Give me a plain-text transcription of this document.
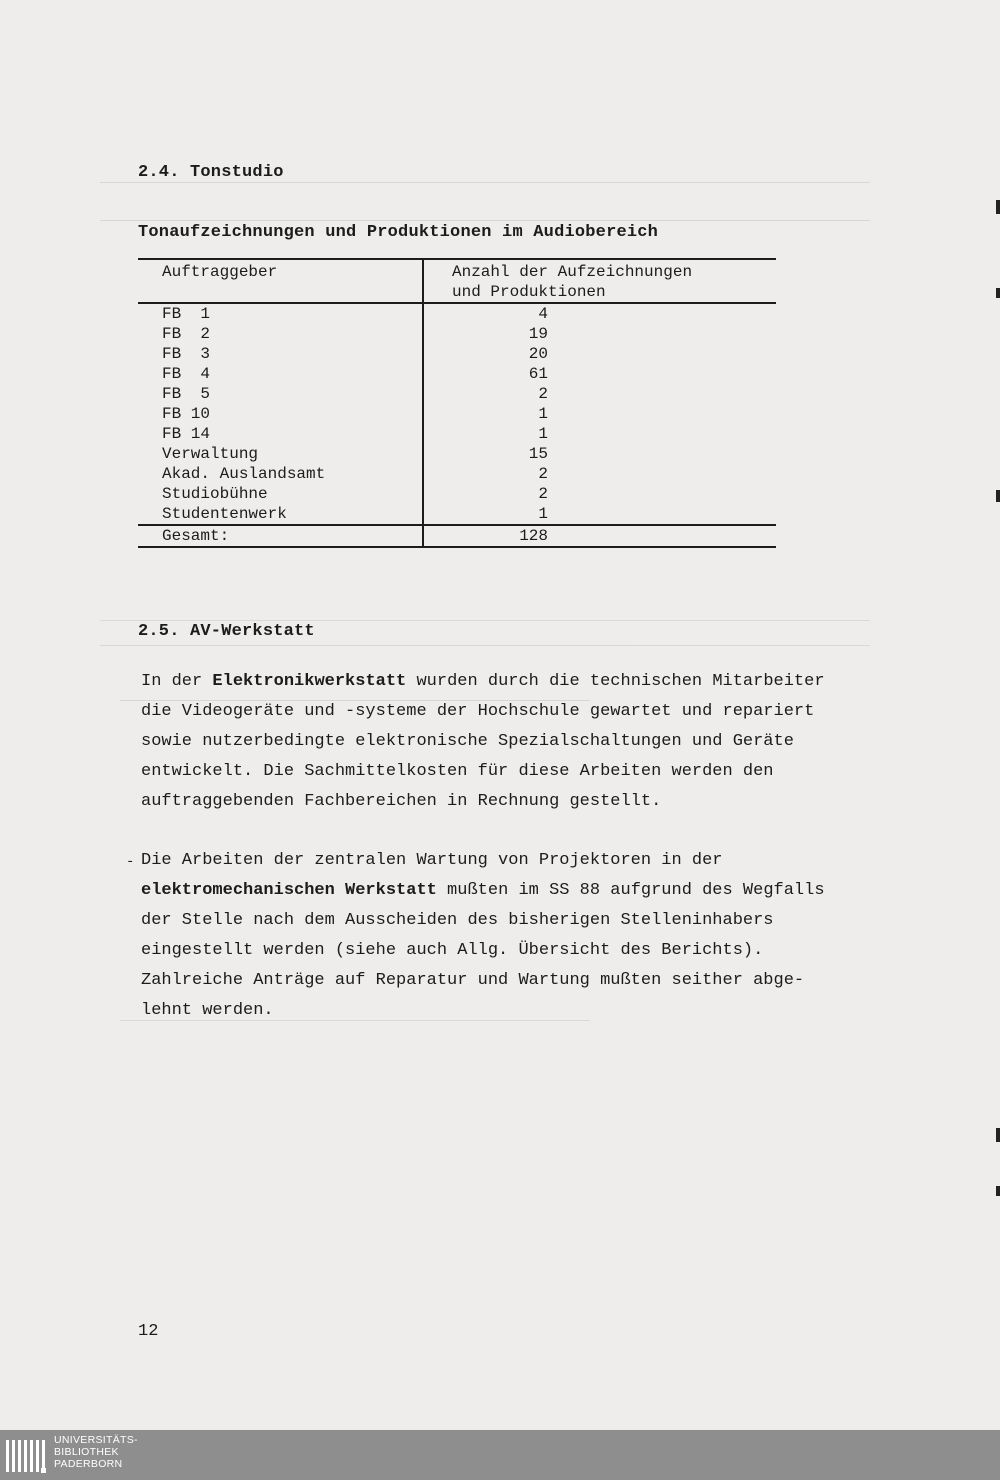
2.4. Tonstudio
Tonaufzeichnungen und Produktionen im Audiobereich
Auftraggeber	Anzahl der Aufzeichnungen
und Produktionen	

FB  1	4	
FB  2	19	
FB  3	20	
FB  4	61	
FB  5	2	
FB 10	1	
FB 14	1	
Verwaltung	15	
Akad. Auslandsamt	2	
Studiobühne	2	
Studentenwerk	1	
Gesamt:	128	
2.5. AV-Werkstatt
In der Elektronikwerkstatt wurden durch die technischen Mitarbeiter
die Videogeräte und -systeme der Hochschule gewartet und repariert
sowie nutzerbedingte elektronische Spezialschaltungen und Geräte
entwickelt. Die Sachmittelkosten für diese Arbeiten werden den
auftraggebenden Fachbereichen in Rechnung gestellt.
- Die Arbeiten der zentralen Wartung von Projektoren in der
elektromechanischen Werkstatt mußten im SS 88 aufgrund des Wegfalls
der Stelle nach dem Ausscheiden des bisherigen Stelleninhabers
eingestellt werden (siehe auch Allg. Übersicht des Berichts).
Zahlreiche Anträge auf Reparatur und Wartung mußten seither abge-
lehnt werden.
12
UNIVERSITÄTS-
BIBLIOTHEK
PADERBORN
